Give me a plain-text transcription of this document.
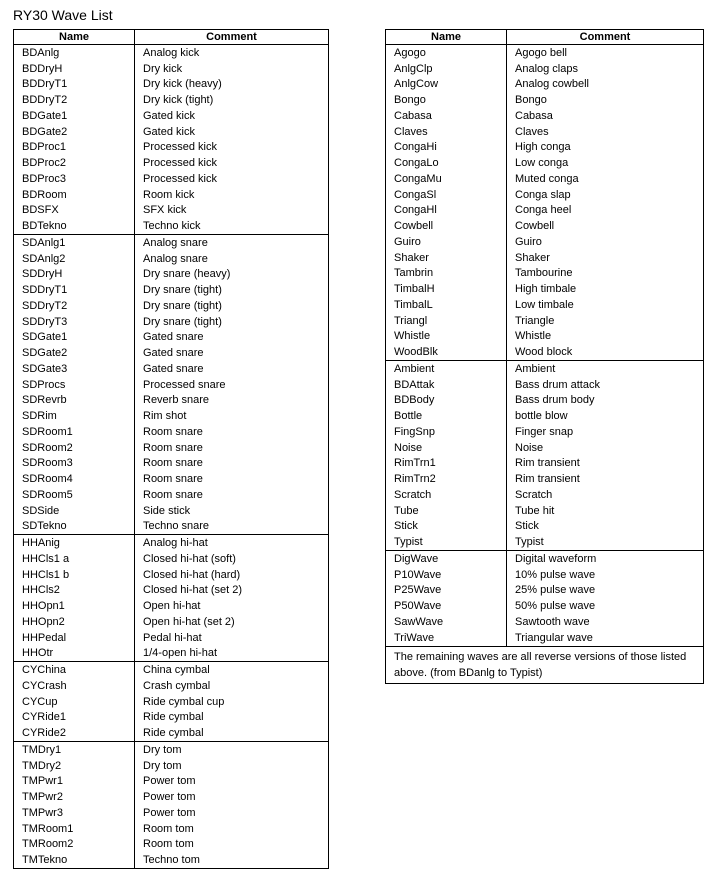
RY30 Wave List
Name	Comment
BDAnlg	Analog kick
BDDryH	Dry kick
BDDryT1	Dry kick (heavy)
BDDryT2	Dry kick (tight)
BDGate1	Gated kick
BDGate2	Gated kick
BDProc1	Processed kick
BDProc2	Processed kick
BDProc3	Processed kick
BDRoom	Room kick
BDSFX	SFX kick
BDTekno	Techno kick
SDAnlg1	Analog snare
SDAnlg2	Analog snare
SDDryH	Dry snare (heavy)
SDDryT1	Dry snare (tight)
SDDryT2	Dry snare (tight)
SDDryT3	Dry snare (tight)
SDGate1	Gated snare
SDGate2	Gated snare
SDGate3	Gated snare
SDProcs	Processed snare
SDRevrb	Reverb snare
SDRim	Rim shot
SDRoom1	Room snare
SDRoom2	Room snare
SDRoom3	Room snare
SDRoom4	Room snare
SDRoom5	Room snare
SDSide	Side stick
SDTekno	Techno snare
HHAnig	Analog hi-hat
HHCls1 a	Closed hi-hat (soft)
HHCls1 b	Closed hi-hat (hard)
HHCls2	Closed hi-hat (set 2)
HHOpn1	Open hi-hat
HHOpn2	Open hi-hat (set 2)
HHPedal	Pedal hi-hat
HHOtr	1/4-open hi-hat
CYChina	China cymbal
CYCrash	Crash cymbal
CYCup	Ride cymbal cup
CYRide1	Ride cymbal
CYRide2	Ride cymbal
TMDry1	Dry tom
TMDry2	Dry tom
TMPwr1	Power tom
TMPwr2	Power tom
TMPwr3	Power tom
TMRoom1	Room tom
TMRoom2	Room tom
TMTekno	Techno tom
Name	Comment
Agogo	Agogo bell
AnlgClp	Analog claps
AnlgCow	Analog cowbell
Bongo	Bongo
Cabasa	Cabasa
Claves	Claves
CongaHi	High conga
CongaLo	Low conga
CongaMu	Muted conga
CongaSl	Conga slap
CongaHl	Conga heel
Cowbell	Cowbell
Guiro	Guiro
Shaker	Shaker
Tambrin	Tambourine
TimbalH	High timbale
TimbalL	Low timbale
Triangl	Triangle
Whistle	Whistle
WoodBlk	Wood block
Ambient	Ambient
BDAttak	Bass drum attack
BDBody	Bass drum body
Bottle	bottle blow
FingSnp	Finger snap
Noise	Noise
RimTrn1	Rim transient
RimTrn2	Rim transient
Scratch	Scratch
Tube	Tube hit
Stick	Stick
Typist	Typist
DigWave	Digital waveform
P10Wave	10% pulse wave
P25Wave	25% pulse wave
P50Wave	50% pulse wave
SawWave	Sawtooth wave
TriWave	Triangular wave
The remaining waves are all reverse versions of those listed above. (from BDanlg to Typist)	
